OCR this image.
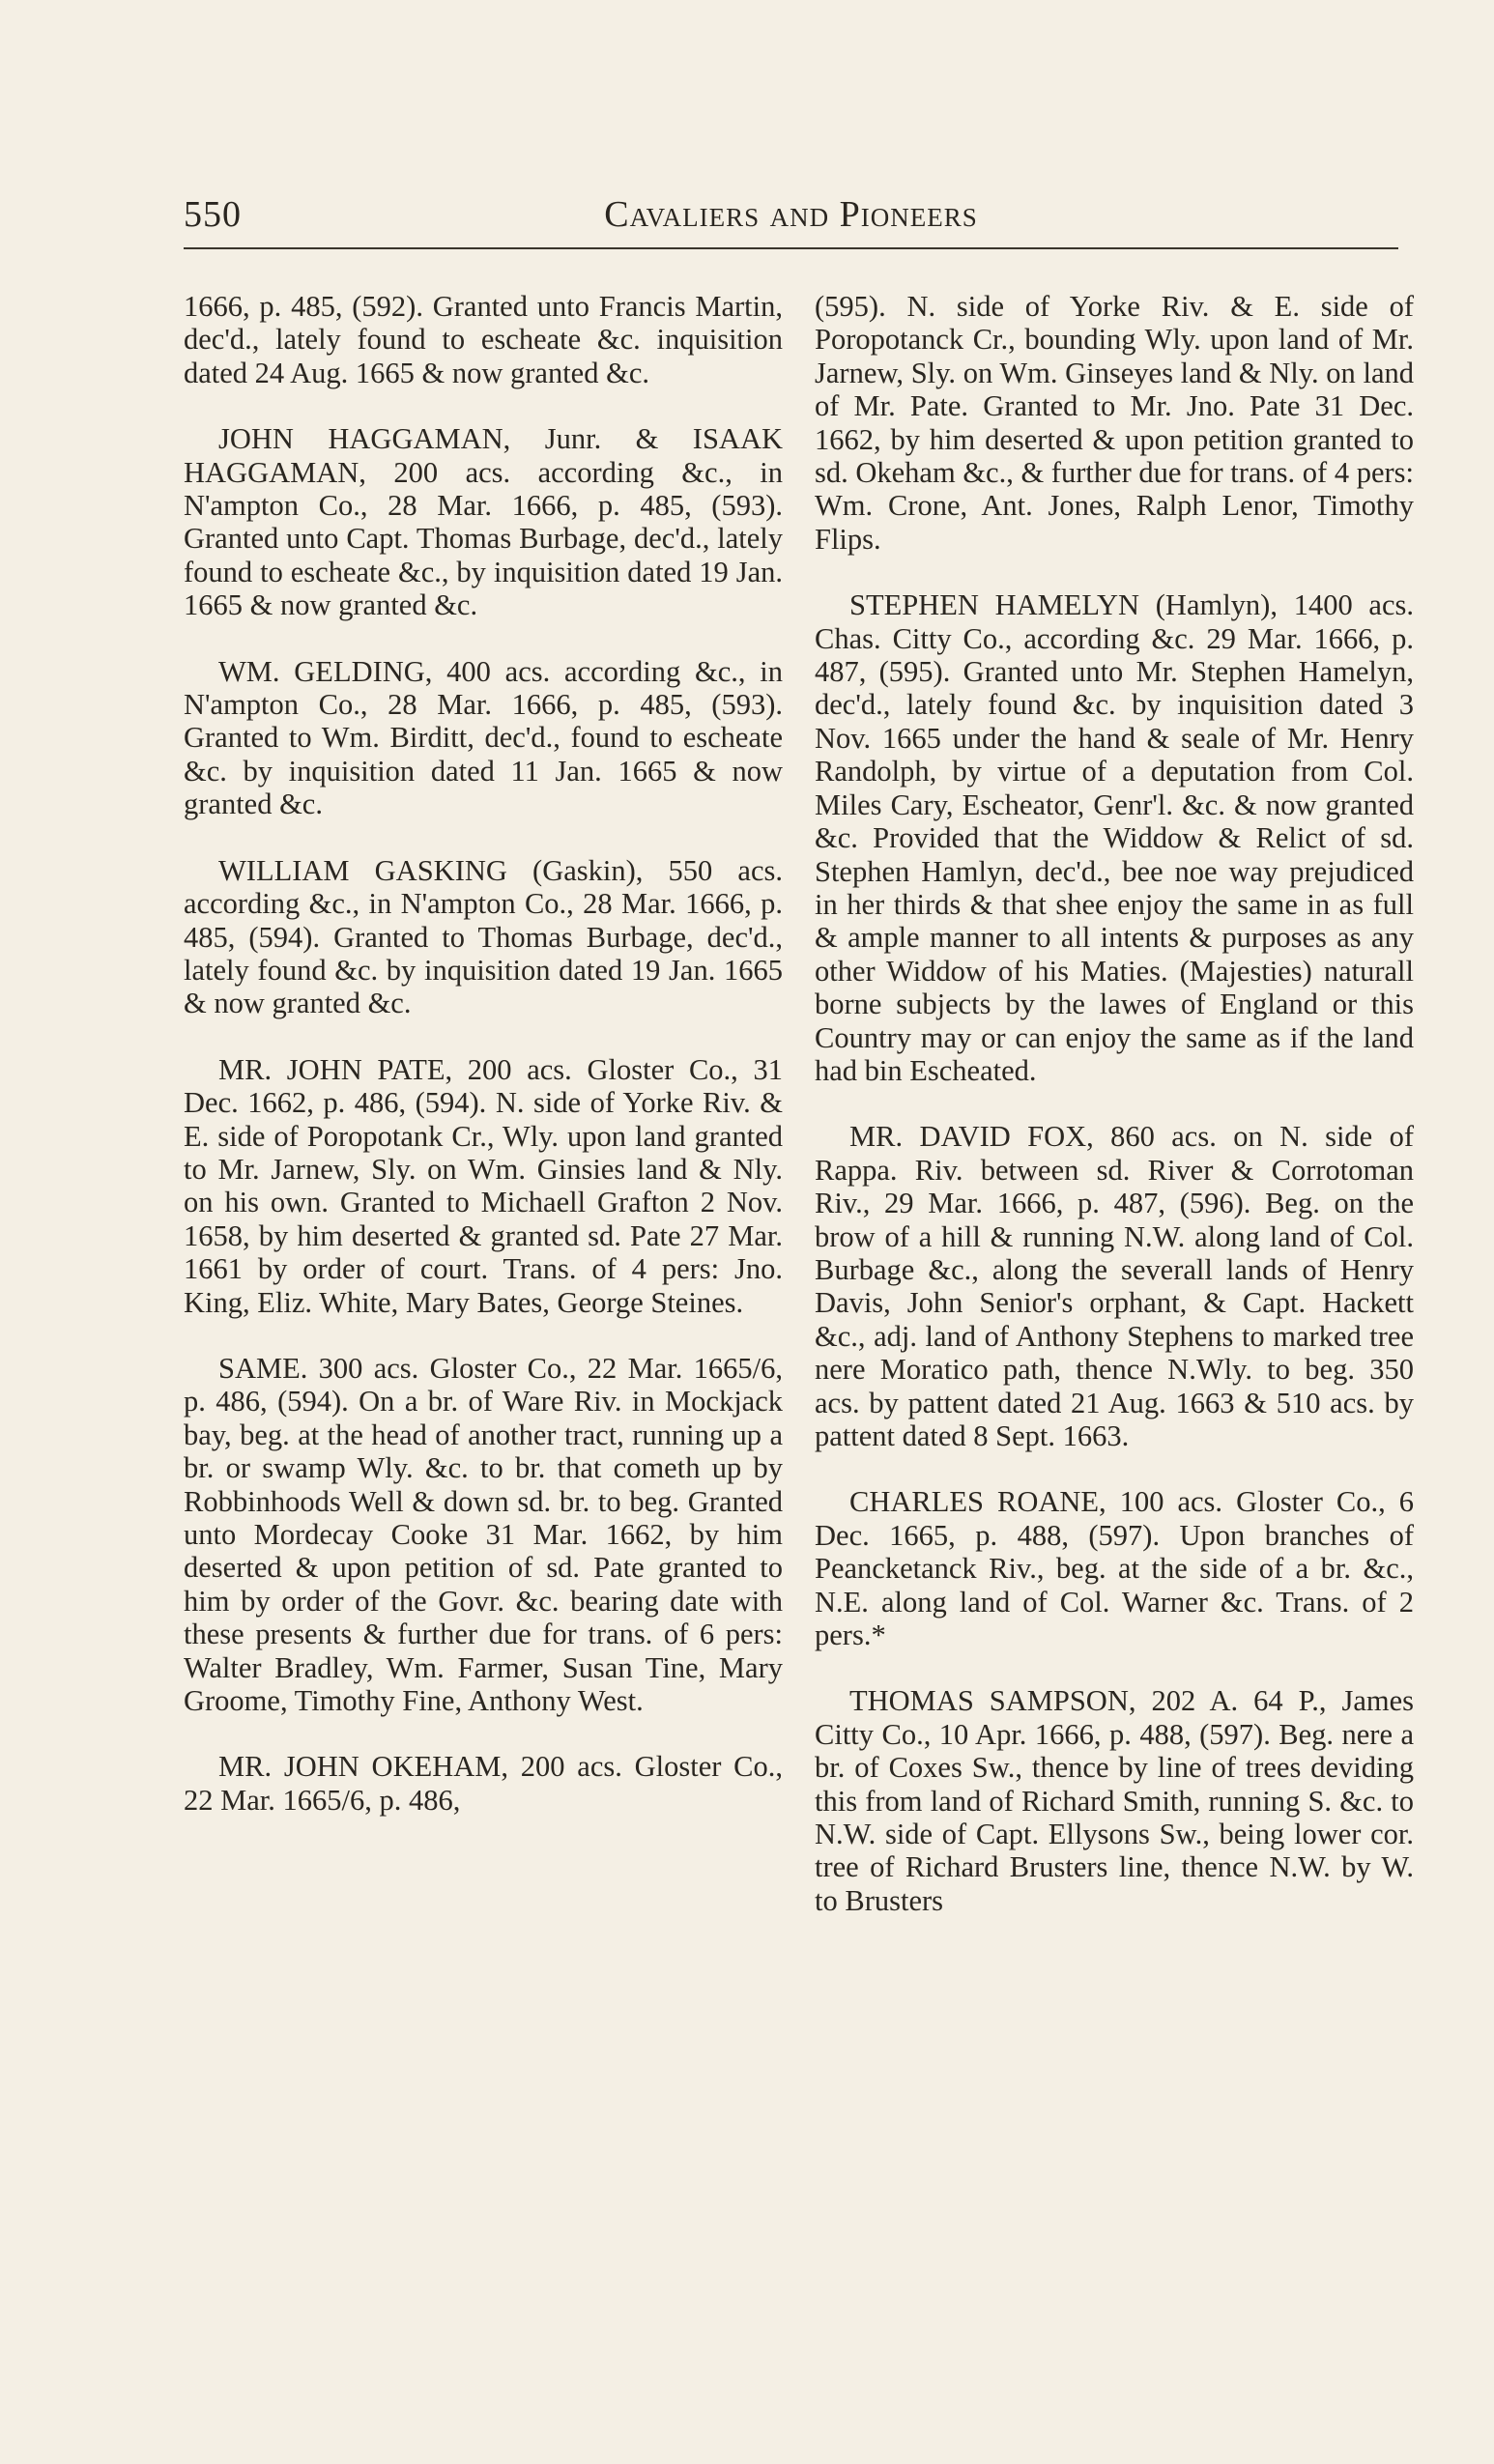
550	Cavaliers and Pioneers

1666, p. 485, (592). Granted unto Francis Martin, dec'd., lately found to escheate &c. inquisition dated 24 Aug. 1665 & now granted &c.

JOHN HAGGAMAN, Junr. & ISAAK HAGGAMAN, 200 acs. according &c., in N'ampton Co., 28 Mar. 1666, p. 485, (593). Granted unto Capt. Thomas Burbage, dec'd., lately found to escheate &c., by inquisition dated 19 Jan. 1665 & now granted &c.

WM. GELDING, 400 acs. according &c., in N'ampton Co., 28 Mar. 1666, p. 485, (593). Granted to Wm. Birditt, dec'd., found to escheate &c. by inquisition dated 11 Jan. 1665 & now granted &c.

WILLIAM GASKING (Gaskin), 550 acs. according &c., in N'ampton Co., 28 Mar. 1666, p. 485, (594). Granted to Thomas Burbage, dec'd., lately found &c. by inquisition dated 19 Jan. 1665 & now granted &c.

MR. JOHN PATE, 200 acs. Gloster Co., 31 Dec. 1662, p. 486, (594). N. side of Yorke Riv. & E. side of Poropotank Cr., Wly. upon land granted to Mr. Jarnew, Sly. on Wm. Ginsies land & Nly. on his own. Granted to Michaell Grafton 2 Nov. 1658, by him deserted & granted sd. Pate 27 Mar. 1661 by order of court. Trans. of 4 pers: Jno. King, Eliz. White, Mary Bates, George Steines.

SAME. 300 acs. Gloster Co., 22 Mar. 1665/6, p. 486, (594). On a br. of Ware Riv. in Mockjack bay, beg. at the head of another tract, running up a br. or swamp Wly. &c. to br. that cometh up by Robbinhoods Well & down sd. br. to beg. Granted unto Mordecay Cooke 31 Mar. 1662, by him deserted & upon petition of sd. Pate granted to him by order of the Govr. &c. bearing date with these presents & further due for trans. of 6 pers: Walter Bradley, Wm. Farmer, Susan Tine, Mary Groome, Timothy Fine, Anthony West.

MR. JOHN OKEHAM, 200 acs. Gloster Co., 22 Mar. 1665/6, p. 486,

(595). N. side of Yorke Riv. & E. side of Poropotanck Cr., bounding Wly. upon land of Mr. Jarnew, Sly. on Wm. Ginseyes land & Nly. on land of Mr. Pate. Granted to Mr. Jno. Pate 31 Dec. 1662, by him deserted & upon petition granted to sd. Okeham &c., & further due for trans. of 4 pers: Wm. Crone, Ant. Jones, Ralph Lenor, Timothy Flips.

STEPHEN HAMELYN (Hamlyn), 1400 acs. Chas. Citty Co., according &c. 29 Mar. 1666, p. 487, (595). Granted unto Mr. Stephen Hamelyn, dec'd., lately found &c. by inquisition dated 3 Nov. 1665 under the hand & seale of Mr. Henry Randolph, by virtue of a deputation from Col. Miles Cary, Escheator, Genr'l. &c. & now granted &c. Provided that the Widdow & Relict of sd. Stephen Hamlyn, dec'd., bee noe way prejudiced in her thirds & that shee enjoy the same in as full & ample manner to all intents & purposes as any other Widdow of his Maties. (Majesties) naturall borne subjects by the lawes of England or this Country may or can enjoy the same as if the land had bin Escheated.

MR. DAVID FOX, 860 acs. on N. side of Rappa. Riv. between sd. River & Corrotoman Riv., 29 Mar. 1666, p. 487, (596). Beg. on the brow of a hill & running N.W. along land of Col. Burbage &c., along the severall lands of Henry Davis, John Senior's orphant, & Capt. Hackett &c., adj. land of Anthony Stephens to marked tree nere Moratico path, thence N.Wly. to beg. 350 acs. by pattent dated 21 Aug. 1663 & 510 acs. by pattent dated 8 Sept. 1663.

CHARLES ROANE, 100 acs. Gloster Co., 6 Dec. 1665, p. 488, (597). Upon branches of Peancketanck Riv., beg. at the side of a br. &c., N.E. along land of Col. Warner &c. Trans. of 2 pers.*

THOMAS SAMPSON, 202 A. 64 P., James Citty Co., 10 Apr. 1666, p. 488, (597). Beg. nere a br. of Coxes Sw., thence by line of trees deviding this from land of Richard Smith, running S. &c. to N.W. side of Capt. Ellysons Sw., being lower cor. tree of Richard Brusters line, thence N.W. by W. to Brusters
